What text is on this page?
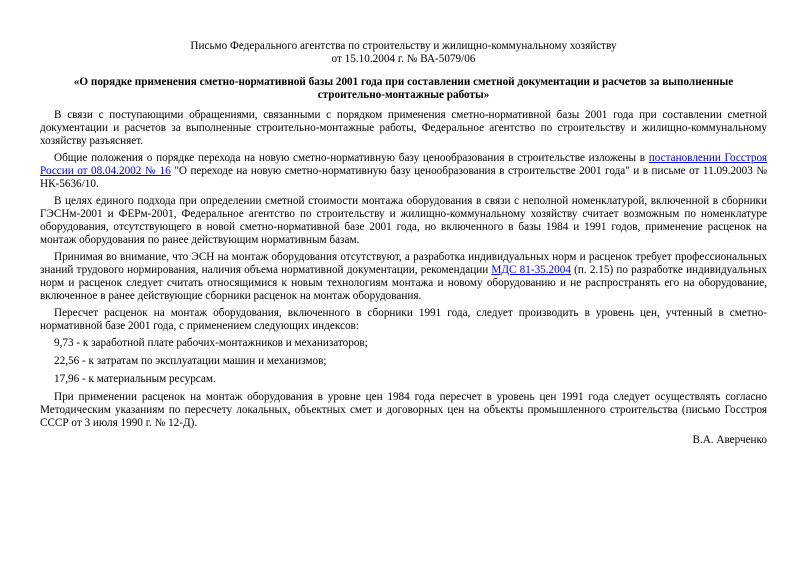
Письмо Федерального агентства по строительству и жилищно-коммунальному хозяйству

от 15.10.2004 г. № ВА-5079/06

«О порядке применения сметно-нормативной базы 2001 года при составлении сметной документации и расчетов за выполненные строительно-монтажные работы»

В связи с поступающими обращениями, связанными с порядком применения сметно-нормативной базы 2001 года при составлении сметной документации и расчетов за выполненные строительно-монтажные работы, Федеральное агентство по строительству и жилищно-коммунальному хозяйству разъясняет.

Общие положения о порядке перехода на новую сметно-нормативную базу ценообразования в строительстве изложены в постановлении Госстроя России от 08.04.2002 № 16 "О переходе на новую сметно-нормативную базу ценообразования в строительстве 2001 года" и в письме от 11.09.2003 № НК-5636/10.

В целях единого подхода при определении сметной стоимости монтажа оборудования в связи с неполной номенклатурой, включенной в сборники ГЭСНм-2001 и ФЕРм-2001, Федеральное агентство по строительству и жилищно-коммунальному хозяйству считает возможным по номенклатуре оборудования, отсутствующего в новой сметно-нормативной базе 2001 года, но включенного в базы 1984 и 1991 годов, применение расценок на монтаж оборудования по ранее действующим нормативным базам.

Принимая во внимание, что ЭСН на монтаж оборудования отсутствуют, а разработка индивидуальных норм и расценок требует профессиональных знаний трудового нормирования, наличия объема нормативной документации, рекомендации МДС 81-35.2004 (п. 2.15) по разработке индивидуальных норм и расценок следует считать относящимися к новым технологиям монтажа и новому оборудованию и не распространять его на оборудование, включенное в ранее действующие сборники расценок на монтаж оборудования.

Пересчет расценок на монтаж оборудования, включенного в сборники 1991 года, следует производить в уровень цен, учтенный в сметно-нормативной базе 2001 года, с применением следующих индексов:

9,73 - к заработной плате рабочих-монтажников и механизаторов;

22,56 - к затратам по эксплуатации машин и механизмов;

17,96 - к материальным ресурсам.

При применении расценок на монтаж оборудования в уровне цен 1984 года пересчет в уровень цен 1991 года следует осуществлять согласно Методическим указаниям по пересчету локальных, объектных смет и договорных цен на объекты промышленного строительства (письмо Госстроя СССР от 3 июля 1990 г. № 12-Д).

В.А. Аверченко
